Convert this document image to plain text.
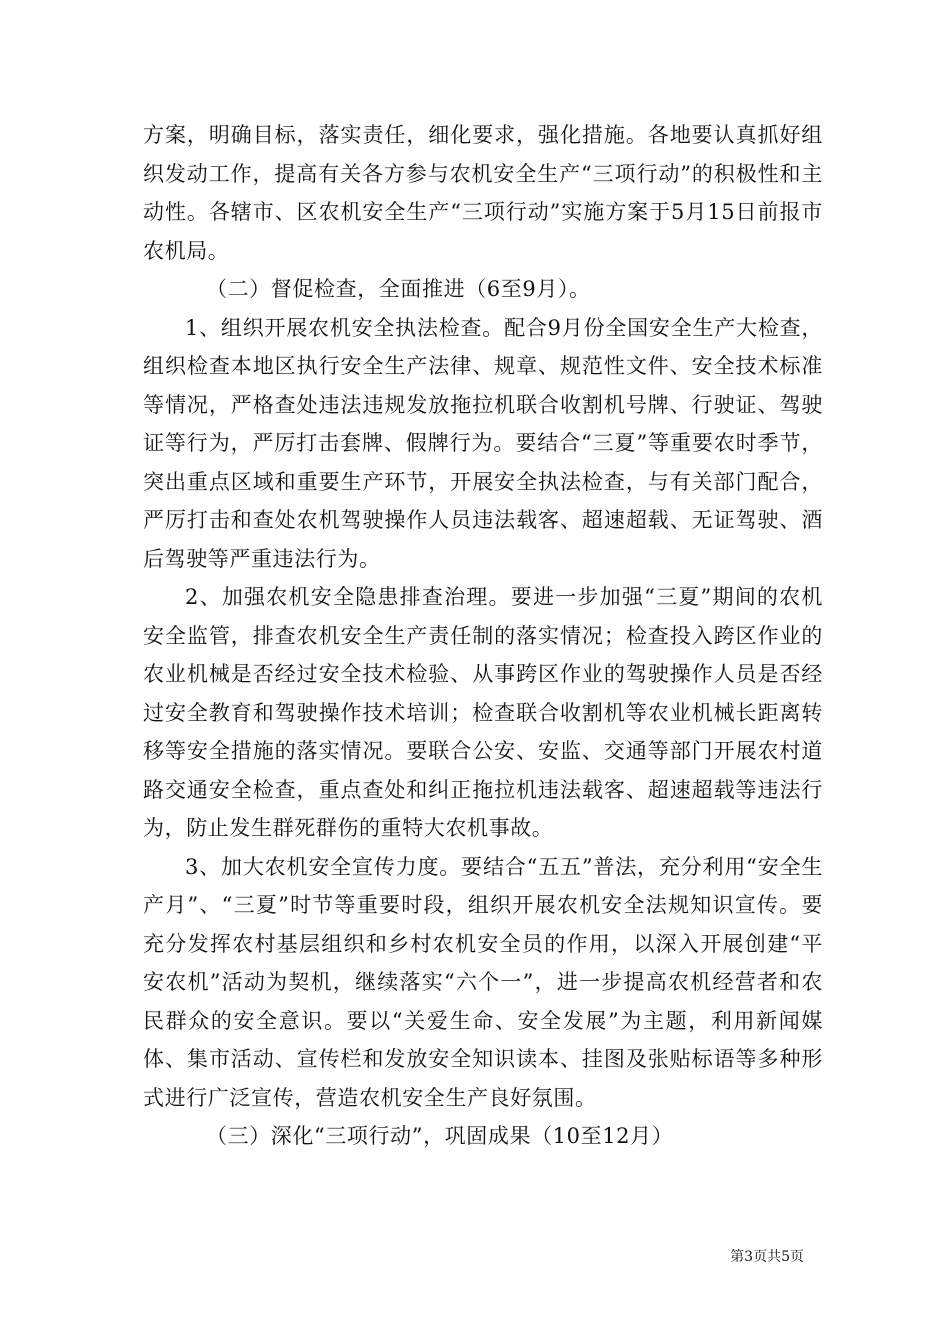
方案，明确目标，落实责任，细化要求，强化措施。各地要认真抓好组织发动工作，提高有关各方参与农机安全生产“三项行动”的积极性和主动性。各辖市、区农机安全生产“三项行动”实施方案于5月15日前报市农机局。

（二）督促检查，全面推进（6至9月）。

1、组织开展农机安全执法检查。配合9月份全国安全生产大检查，组织检查本地区执行安全生产法律、规章、规范性文件、安全技术标准等情况，严格查处违法违规发放拖拉机联合收割机号牌、行驶证、驾驶证等行为，严厉打击套牌、假牌行为。要结合“三夏”等重要农时季节，突出重点区域和重要生产环节，开展安全执法检查，与有关部门配合，严厉打击和查处农机驾驶操作人员违法载客、超速超载、无证驾驶、酒后驾驶等严重违法行为。

2、加强农机安全隐患排查治理。要进一步加强“三夏”期间的农机安全监管，排查农机安全生产责任制的落实情况；检查投入跨区作业的农业机械是否经过安全技术检验、从事跨区作业的驾驶操作人员是否经过安全教育和驾驶操作技术培训；检查联合收割机等农业机械长距离转移等安全措施的落实情况。要联合公安、安监、交通等部门开展农村道路交通安全检查，重点查处和纠正拖拉机违法载客、超速超载等违法行为，防止发生群死群伤的重特大农机事故。

3、加大农机安全宣传力度。要结合“五五”普法，充分利用“安全生产月”、“三夏”时节等重要时段，组织开展农机安全法规知识宣传。要充分发挥农村基层组织和乡村农机安全员的作用，以深入开展创建“平安农机”活动为契机，继续落实“六个一”，进一步提高农机经营者和农民群众的安全意识。要以“关爱生命、安全发展”为主题，利用新闻媒体、集市活动、宣传栏和发放安全知识读本、挂图及张贴标语等多种形式进行广泛宣传，营造农机安全生产良好氛围。

（三）深化“三项行动”，巩固成果（10至12月）

第3页共5页
